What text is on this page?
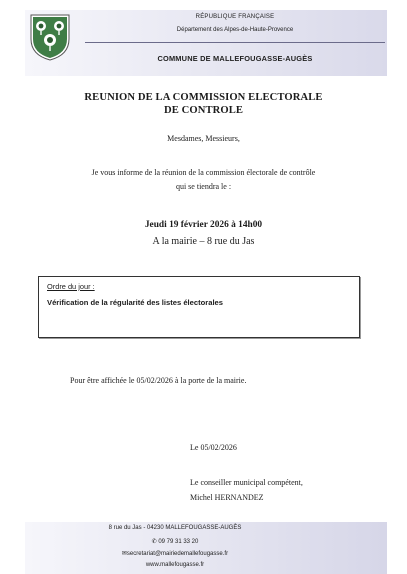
RÉPUBLIQUE FRANÇAISE
Département des Alpes-de-Haute-Provence
COMMUNE DE MALLEFOUGASSE-AUGÈS
REUNION DE LA COMMISSION ELECTORALE
DE CONTROLE
Mesdames, Messieurs,
Je vous informe de la réunion de la commission électorale de contrôle
qui se tiendra le :
Jeudi 19 février 2026 à 14h00
A la mairie – 8 rue du Jas
Ordre du jour :
Vérification de la régularité des listes électorales
Pour être affichée le 05/02/2026 à la porte de la mairie.
Le 05/02/2026
Le conseiller municipal compétent,
Michel HERNANDEZ
8 rue du Jas - 04230 MALLEFOUGASSE-AUGÈS
✆ 09 79 31 33 20
✉secretariat@mairiedemallefougasse.fr
www.mallefougasse.fr
